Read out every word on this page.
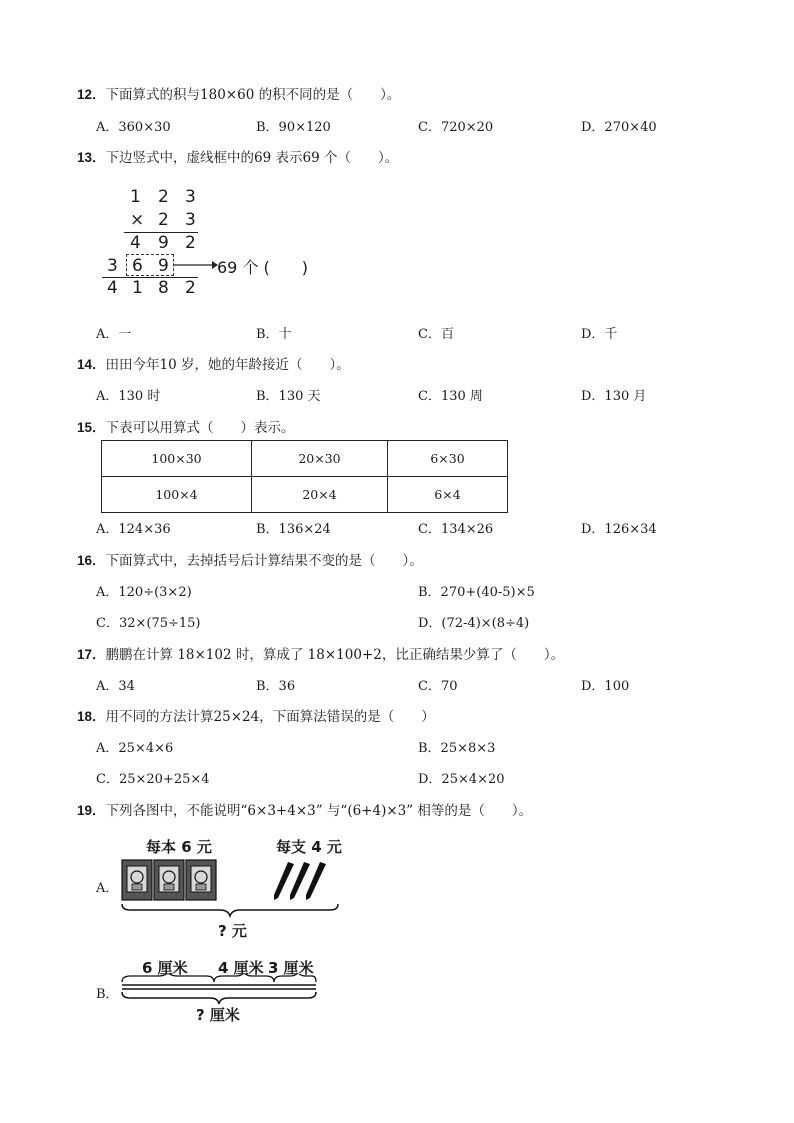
12．下面算式的积与180×60 的积不同的是（　　）。
A．360×30	B．90×120	C．720×20	D．270×40
13．下边竖式中，虚线框中的69 表示69 个（　　）。
1 2 3
× 2 3
4 9 2
3 6 9	69 个 (　　)
4 1 8 2
A．一	B．十	C．百	D．千
14．田田今年10 岁，她的年龄接近（　　）。
A．130 时	B．130 天	C．130 周	D．130 月
15．下表可以用算式（　　）表示。
100×30	20×30	6×30
100×4	20×4	6×4
A．124×36	B．136×24	C．134×26	D．126×34
16．下面算式中，去掉括号后计算结果不变的是（　　）。
A．120÷(3×2)	B．270+(40-5)×5
C．32×(75÷15)	D．(72-4)×(8÷4)
17．鹏鹏在计算 18×102 时，算成了 18×100+2，比正确结果少算了（　　）。
A．34	B．36	C．70	D．100
18．用不同的方法计算25×24，下面算法错误的是（　　）
A．25×4×6	B．25×8×3
C．25×20+25×4	D．25×4×20
19．下列各图中，不能说明“6×3+4×3” 与“(6+4)×3” 相等的是（　　）。
A．
每本 6 元	每支 4 元
? 元
B．
6 厘米 4 厘米 3 厘米
? 厘米
